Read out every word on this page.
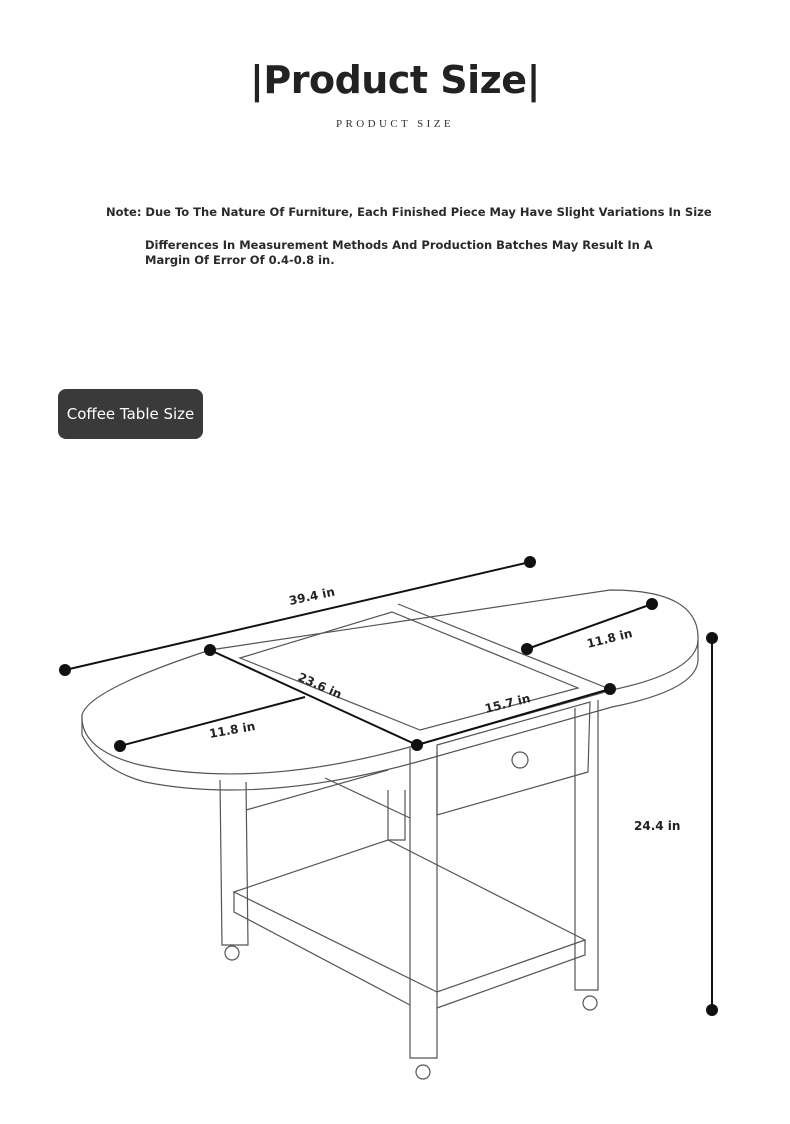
|Product Size|
PRODUCT SIZE
Note: Due To The Nature Of Furniture, Each Finished Piece May Have Slight Variations In Size
Differences In Measurement Methods And Production Batches May Result In A Margin Of Error Of 0.4-0.8 in.
Coffee Table Size
39.4 in
23.6 in
15.7 in
11.8 in
11.8 in
24.4 in
